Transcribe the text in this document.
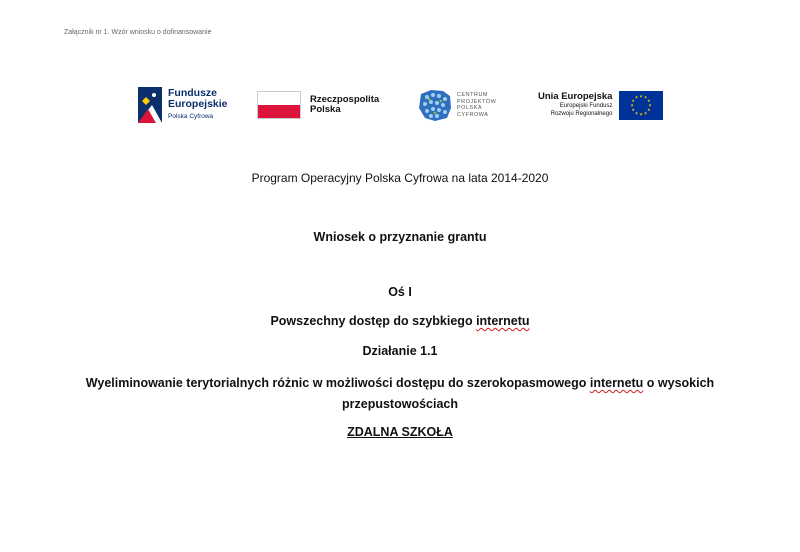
Załącznik nr 1. Wzór wniosku o dofinansowanie
Fundusze
Europejskie
Polska Cyfrowa
Rzeczpospolita
Polska
CENTRUM
PROJEKTÓW
POLSKA
CYFROWA
Unia Europejska
Europejski Fundusz
Rozwoju Regionalnego
★ ★
★
★
★
★
★
★
★
★
★
★
Program Operacyjny Polska Cyfrowa na lata 2014-2020
Wniosek o przyznanie grantu
Oś I
Powszechny dostęp do szybkiego internetu
Działanie 1.1
Wyeliminowanie terytorialnych różnic w możliwości dostępu do szerokopasmowego internetu o wysokich
przepustowościach
ZDALNA SZKOŁA
